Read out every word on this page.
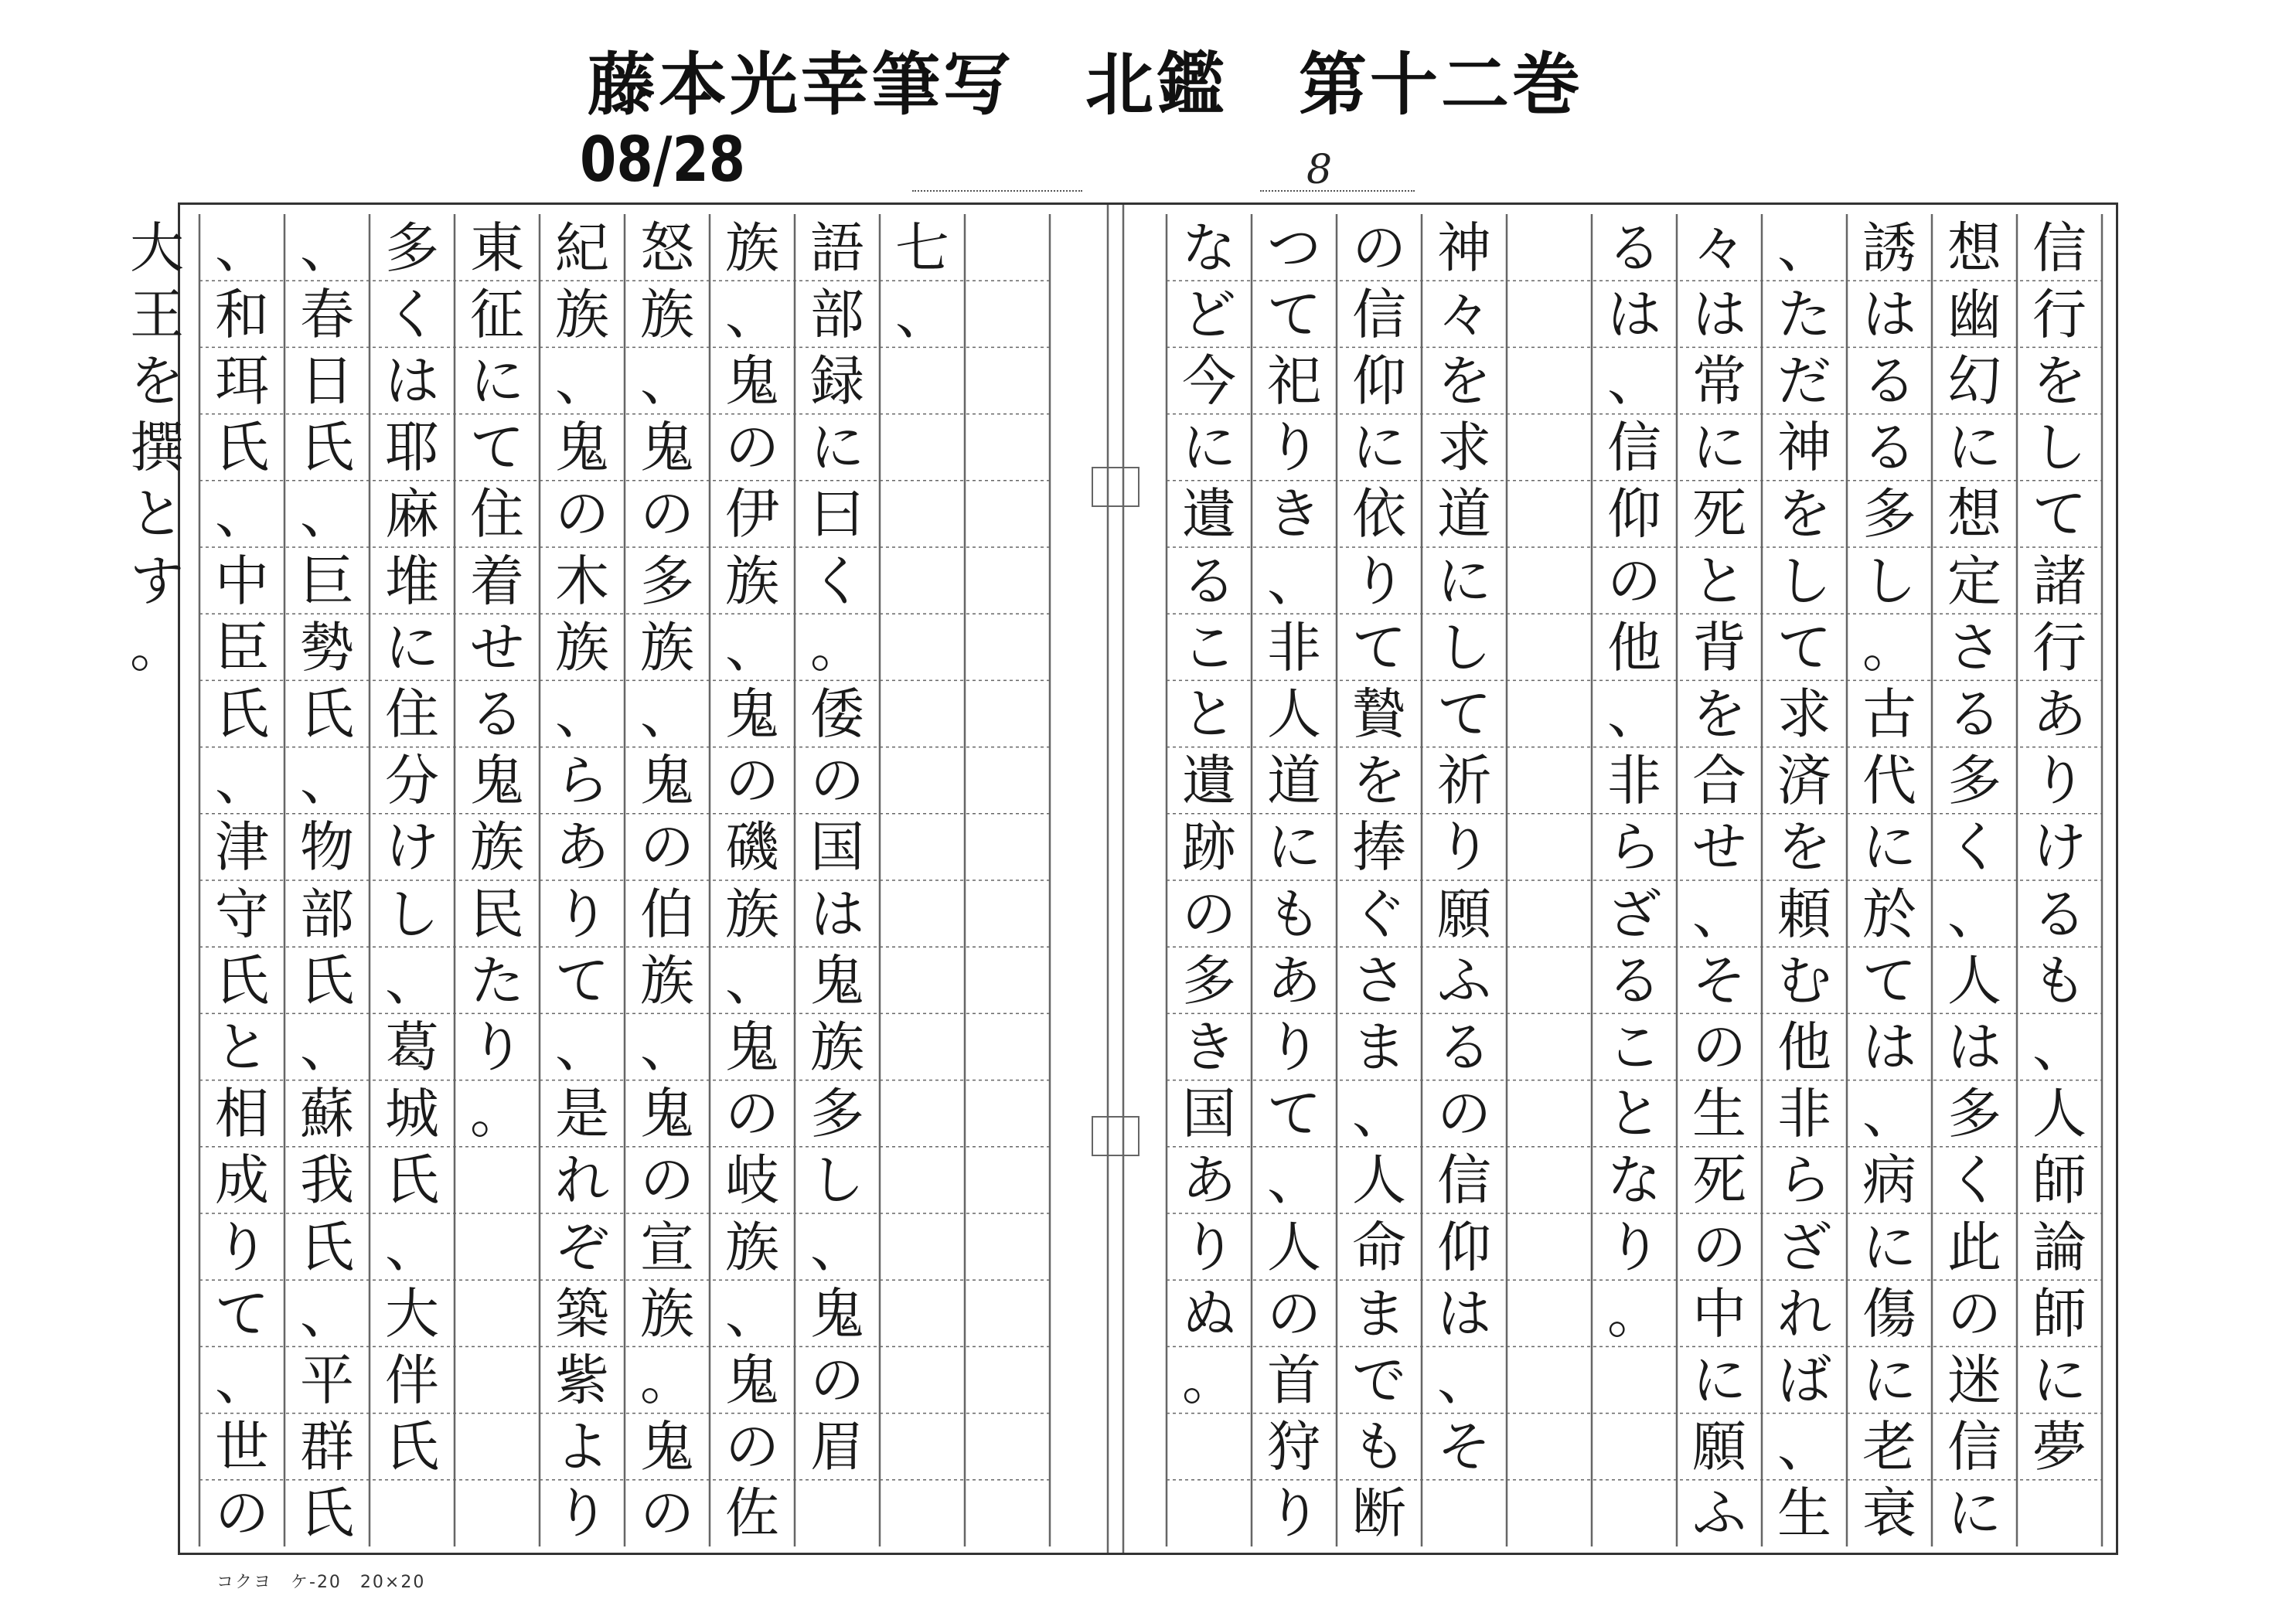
藤本光幸筆写　北鑑　第十二巻
08/28	8
信
行
を
し
て
諸
行
あ
り
け
る
も
、
人
師
論
師
に
夢
想
幽
幻
に
想
定
さ
る
多
く
、
人
は
多
く
此
の
迷
信
に
誘
は
る
る
多
し
。
古
代
に
於
て
は
、
病
に
傷
に
老
衰
、
た
だ
神
を
し
て
求
済
を
頼
む
他
非
ら
ざ
れ
ば
、
生
々
は
常
に
死
と
背
を
合
せ
、
そ
の
生
死
の
中
に
願
ふ
る
は
、
信
仰
の
他
、
非
ら
ざ
る
こ
と
な
り
。
神
々
を
求
道
に
し
て
祈
り
願
ふ
る
の
信
仰
は
、
そ
の
信
仰
に
依
り
て
贄
を
捧
ぐ
さ
ま
、
人
命
ま
で
も
断
つ
て
祀
り
き
、
非
人
道
に
も
あ
り
て
、
人
の
首
狩
り
な
ど
今
に
遺
る
こ
と
遺
跡
の
多
き
国
あ
り
ぬ
。
七
、
語
部
録
に
曰
く
。
倭
の
国
は
鬼
族
多
し
、
鬼
の
眉
族
、
鬼
の
伊
族
、
鬼
の
磯
族
、
鬼
の
岐
族
、
鬼
の
佐
怒
族
、
鬼
の
多
族
、
鬼
の
伯
族
、
鬼
の
宣
族
。
鬼
の
紀
族
、
鬼
の
木
族
、
ら
あ
り
て
、
是
れ
ぞ
築
紫
よ
り
東
征
に
て
住
着
せ
る
鬼
族
民
た
り
。
多
く
は
耶
麻
堆
に
住
分
け
し
、
葛
城
氏
、
大
伴
氏
、
春
日
氏
、
巨
勢
氏
、
物
部
氏
、
蘇
我
氏
、
平
群
氏
、
和
珥
氏
、
中
臣
氏
、
津
守
氏
と
相
成
り
て
、
世
の
大
王
を
撰
と
す
。
コクヨ　ケ-20　20×20
